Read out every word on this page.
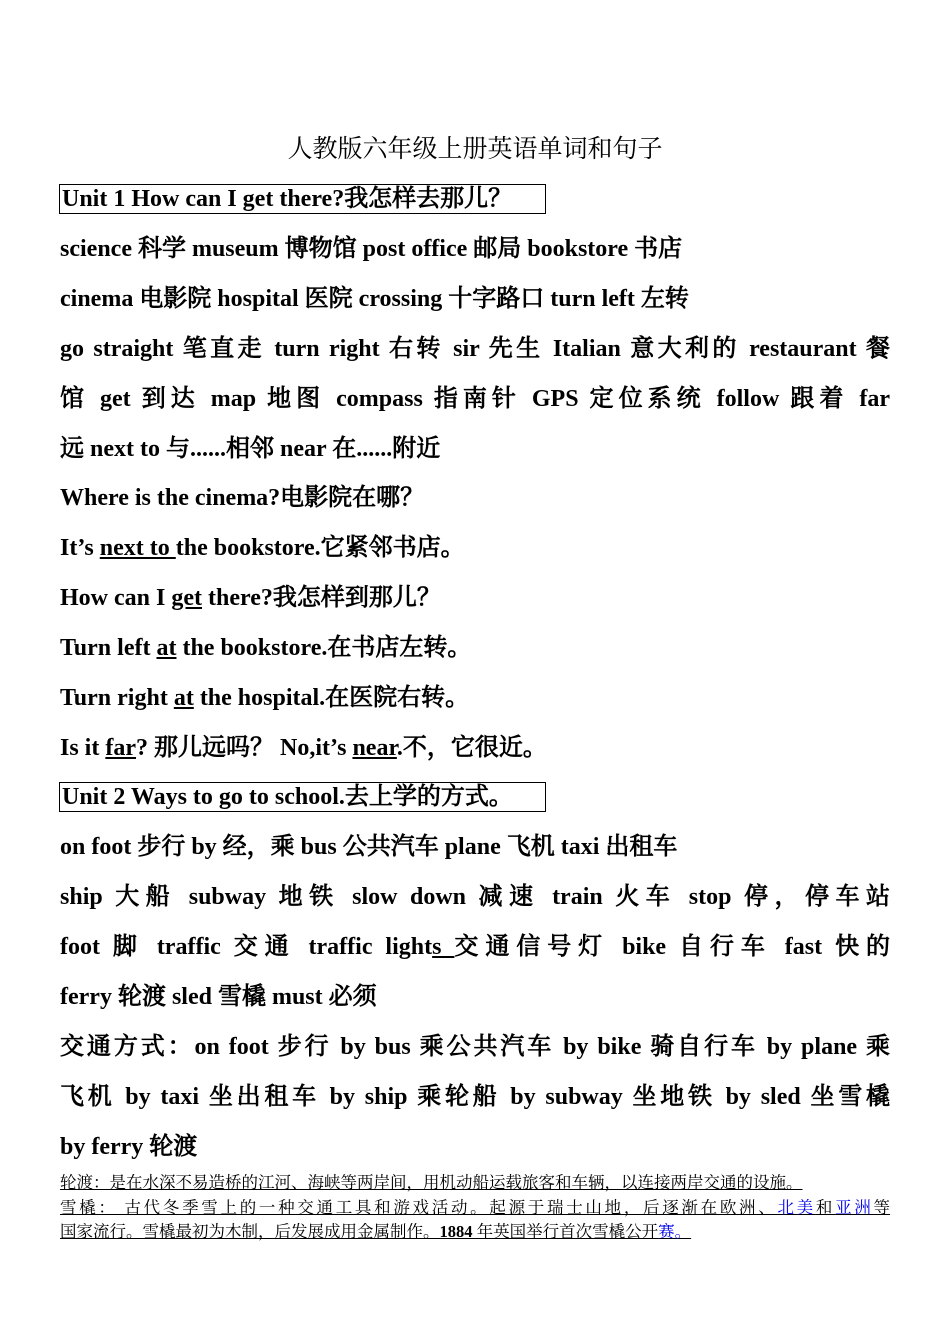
人教版六年级上册英语单词和句子
Unit 1 How can I get there?我怎样去那儿？
science 科学 museum 博物馆 post office 邮局 bookstore 书店
cinema 电影院 hospital 医院 crossing 十字路口 turn left 左转
go straight 笔直走 turn right 右转 sir 先生 Italian 意大利的 restaurant 餐
馆 get 到达 map 地图 compass 指南针 GPS 定位系统 follow 跟着 far
远 next to 与......相邻 near 在......附近
Where is the cinema?电影院在哪？
It’s next to the bookstore.它紧邻书店。
How can I get there?我怎样到那儿？
Turn left at the bookstore.在书店左转。
Turn right at the hospital.在医院右转。
Is it far? 那儿远吗？ No,it’s near.不，它很近。
Unit 2 Ways to go to school.去上学的方式。
on foot 步行 by 经，乘 bus 公共汽车 plane 飞机 taxi 出租车
ship 大船 subway 地铁 slow down 减速 train 火车 stop 停，停车站
foot 脚 traffic 交通 traffic lights 交通信号灯 bike 自行车 fast 快的
ferry 轮渡 sled 雪橇 must 必须
交通方式：on foot 步行 by bus 乘公共汽车 by bike 骑自行车 by plane 乘
飞机 by taxi 坐出租车 by ship 乘轮船 by subway 坐地铁 by sled 坐雪橇
by ferry 轮渡
轮渡：是在水深不易造桥的江河、海峡等两岸间，用机动船运载旅客和车辆，以连接两岸交通的设施。
雪橇： 古代冬季雪上的一种交通工具和游戏活动。起源于瑞士山地，后逐渐在欧洲、北美和亚洲等
国家流行。雪橇最初为木制，后发展成用金属制作。1884 年英国举行首次雪橇公开赛。
